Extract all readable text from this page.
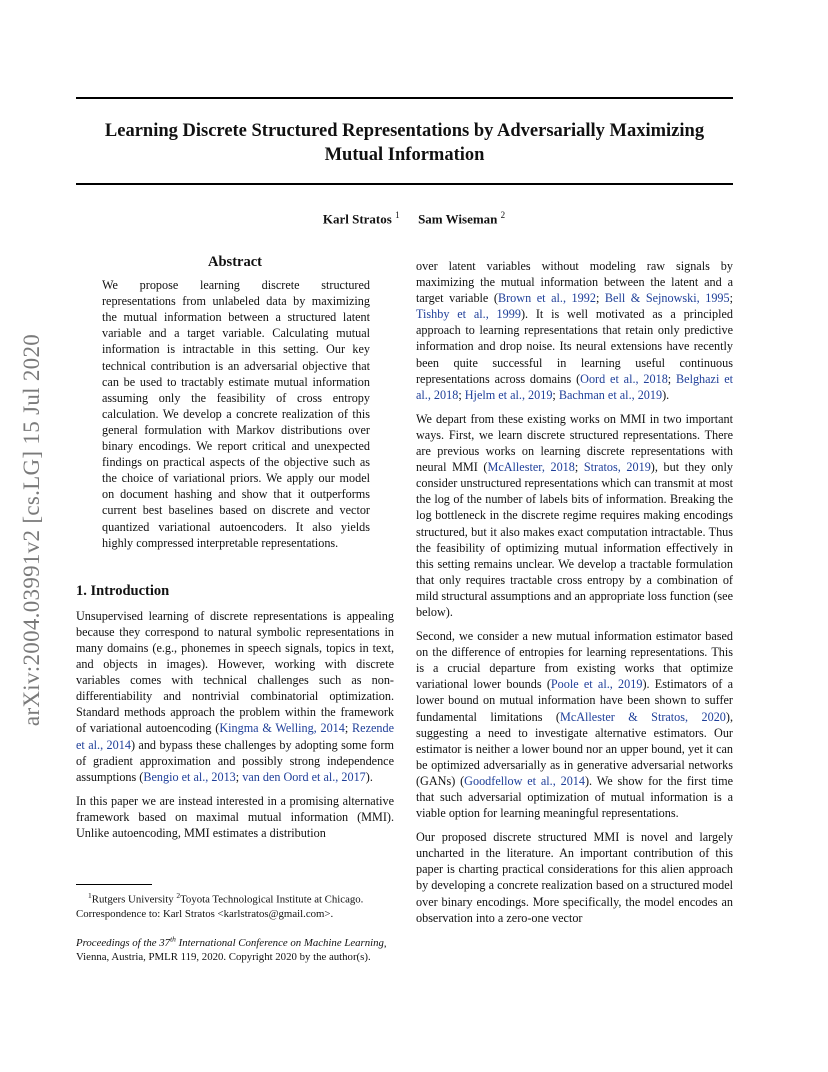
Learning Discrete Structured Representations by Adversarially Maximizing
Mutual Information
Karl Stratos $^1$ Sam Wiseman $^2$
arXiv:2004.03991v2 [cs.LG] 15 Jul 2020
Abstract
We propose learning discrete structured representations from unlabeled data by maximizing the mutual information between a structured latent variable and a target variable. Calculating mutual information is intractable in this setting. Our key technical contribution is an adversarial objective that can be used to tractably estimate mutual information assuming only the feasibility of cross entropy calculation. We develop a concrete realization of this general formulation with Markov distributions over binary encodings. We report critical and unexpected findings on practical aspects of the objective such as the choice of variational priors. We apply our model on document hashing and show that it outperforms current best baselines based on discrete and vector quantized variational autoencoders. It also yields highly compressed interpretable representations.
1. Introduction

Unsupervised learning of discrete representations is appealing because they correspond to natural symbolic representations in many domains (e.g., phonemes in speech signals, topics in text, and objects in images). However, working with discrete variables comes with technical challenges such as non-differentiability and nontrivial combinatorial optimization. Standard methods approach the problem within the framework of variational autoencoding (Kingma & Welling, 2014; Rezende et al., 2014) and bypass these challenges by adopting some form of gradient approximation and possibly strong independence assumptions (Bengio et al., 2013; van den Oord et al., 2017).

In this paper we are instead interested in a promising alternative framework based on maximal mutual information (MMI). Unlike autoencoding, MMI estimates a distribution

$^1$Rutgers University $^2$Toyota Technological Institute at Chicago. Correspondence to: Karl Stratos <karlstratos@gmail.com>.

Proceedings of the 37th International Conference on Machine Learning, Vienna, Austria, PMLR 119, 2020. Copyright 2020 by the author(s).

over latent variables without modeling raw signals by maximizing the mutual information between the latent and a target variable (Brown et al., 1992; Bell & Sejnowski, 1995; Tishby et al., 1999). It is well motivated as a principled approach to learning representations that retain only predictive information and drop noise. Its neural extensions have recently been quite successful in learning useful continuous representations across domains (Oord et al., 2018; Belghazi et al., 2018; Hjelm et al., 2019; Bachman et al., 2019).

We depart from these existing works on MMI in two important ways. First, we learn discrete structured representations. There are previous works on learning discrete representations with neural MMI (McAllester, 2018; Stratos, 2019), but they only consider unstructured representations which can transmit at most the log of the number of labels bits of information. Breaking the log bottleneck in the discrete regime requires making encodings structured, but it also makes exact computation intractable. Thus the feasibility of optimizing mutual information effectively in this setting remains unclear. We develop a tractable formulation that only requires tractable cross entropy by a combination of mild structural assumptions and an appropriate loss function (see below).

Second, we consider a new mutual information estimator based on the difference of entropies for learning representations. This is a crucial departure from existing works that optimize variational lower bounds (Poole et al., 2019). Estimators of a lower bound on mutual information have been shown to suffer fundamental limitations (McAllester & Stratos, 2020), suggesting a need to investigate alternative estimators. Our estimator is neither a lower bound nor an upper bound, yet it can be optimized adversarially as in generative adversarial networks (GANs) (Goodfellow et al., 2014). We show for the first time that such adversarial optimization of mutual information is a viable option for learning meaningful representations.

Our proposed discrete structured MMI is novel and largely uncharted in the literature. An important contribution of this paper is charting practical considerations for this alien approach by developing a concrete realization based on a structured model over binary encodings. More specifically, the model encodes an observation into a zero-one vector
